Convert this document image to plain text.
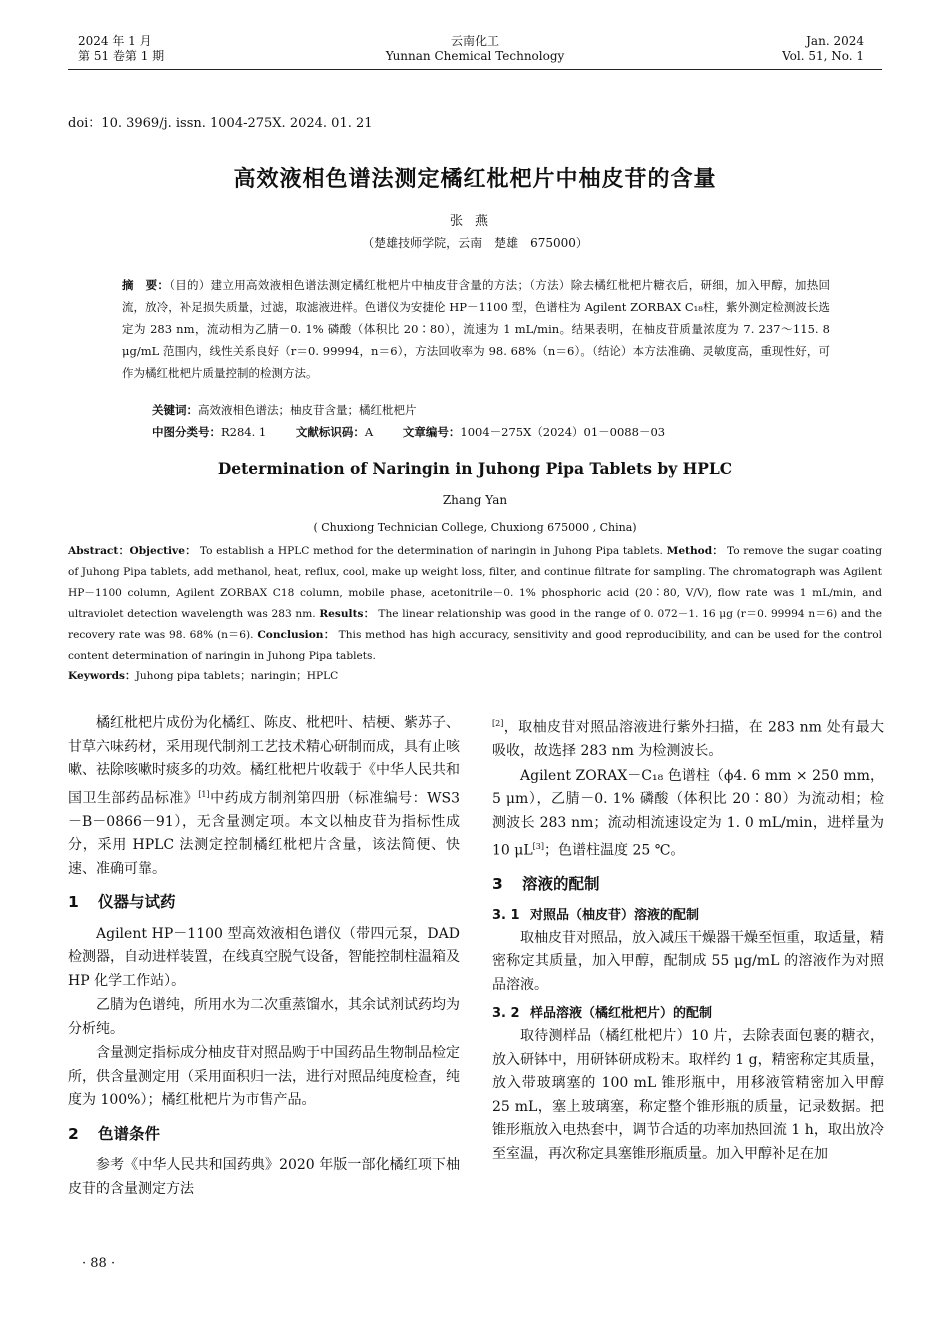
2024 年 1 月
第 51 卷第 1 期
云南化工
Yunnan Chemical Technology
Jan. 2024
Vol. 51, No. 1
doi：10. 3969/j. issn. 1004-275X. 2024. 01. 21
高效液相色谱法测定橘红枇杷片中柚皮苷的含量
张燕
（楚雄技师学院，云南　楚雄　675000）
摘　要：（目的）建立用高效液相色谱法测定橘红枇杷片中柚皮苷含量的方法；（方法）除去橘红枇杷片糖衣后，研细，加入甲醇，加热回流，放冷，补足损失质量，过滤，取滤液进样。色谱仪为安捷伦 HP－1100 型，色谱柱为 Agilent ZORBAX C₁₈柱，紫外测定检测波长选定为 283 nm，流动相为乙腈－0. 1% 磷酸（体积比 20∶80），流速为 1 mL/min。结果表明，在柚皮苷质量浓度为 7. 237～115. 8 μg/mL 范围内，线性关系良好（r＝0. 99994，n＝6），方法回收率为 98. 68%（n＝6）。（结论）本方法准确、灵敏度高，重现性好，可作为橘红枇杷片质量控制的检测方法。
关键词：高效液相色谱法；柚皮苷含量；橘红枇杷片
中图分类号：R284. 1	文献标识码：A	文章编号：1004－275X（2024）01－0088－03
Determination of Naringin in Juhong Pipa Tablets by HPLC
Zhang Yan
( Chuxiong Technician College, Chuxiong 675000 , China)
Abstract：Objective： To establish a HPLC method for the determination of naringin in Juhong Pipa tablets. Method： To remove the sugar coating of Juhong Pipa tablets, add methanol, heat, reflux, cool, make up weight loss, filter, and continue filtrate for sampling. The chromatograph was Agilent HP－1100 column, Agilent ZORBAX C18 column, mobile phase, acetonitrile－0. 1% phosphoric acid (20∶80, V/V), flow rate was 1 mL/min, and ultraviolet detection wavelength was 283 nm. Results： The linear relationship was good in the range of 0. 072－1. 16 μg (r＝0. 99994 n＝6) and the recovery rate was 98. 68% (n＝6). Conclusion： This method has high accuracy, sensitivity and good reproducibility, and can be used for the control content determination of naringin in Juhong Pipa tablets.
Keywords：Juhong pipa tablets；naringin；HPLC

橘红枇杷片成份为化橘红、陈皮、枇杷叶、桔梗、紫苏子、甘草六味药材，采用现代制剂工艺技术精心研制而成，具有止咳嗽、祛除咳嗽时痰多的功效。橘红枇杷片收载于《中华人民共和国卫生部药品标准》[1]中药成方制剂第四册（标准编号：WS3－B－0866－91），无含量测定项。本文以柚皮苷为指标性成分，采用 HPLC 法测定控制橘红枇杷片含量，该法简便、快速、准确可靠。

1 仪器与试药

Agilent HP－1100 型高效液相色谱仪（带四元泵，DAD 检测器，自动进样装置，在线真空脱气设备，智能控制柱温箱及 HP 化学工作站）。

乙腈为色谱纯，所用水为二次重蒸馏水，其余试剂试药均为分析纯。

含量测定指标成分柚皮苷对照品购于中国药品生物制品检定所，供含量测定用（采用面积归一法，进行对照品纯度检查，纯度为 100%）；橘红枇杷片为市售产品。

2 色谱条件

参考《中华人民共和国药典》2020 年版一部化橘红项下柚皮苷的含量测定方法

[2]，取柚皮苷对照品溶液进行紫外扫描，在 283 nm 处有最大吸收，故选择 283 nm 为检测波长。

Agilent ZORAX－C₁₈ 色谱柱（ϕ4. 6 mm × 250 mm，5 μm），乙腈－0. 1% 磷酸（体积比 20∶80）为流动相；检测波长 283 nm；流动相流速设定为 1. 0 mL/min，进样量为 10 μL[3]；色谱柱温度 25 ℃。

3 溶液的配制
3. 1 对照品（柚皮苷）溶液的配制

取柚皮苷对照品，放入减压干燥器干燥至恒重，取适量，精密称定其质量，加入甲醇，配制成 55 μg/mL 的溶液作为对照品溶液。

3. 2 样品溶液（橘红枇杷片）的配制

取待测样品（橘红枇杷片）10 片，去除表面包裹的糖衣，放入研钵中，用研钵研成粉末。取样约 1 g，精密称定其质量，放入带玻璃塞的 100 mL 锥形瓶中，用移液管精密加入甲醇 25 mL，塞上玻璃塞，称定整个锥形瓶的质量，记录数据。把锥形瓶放入电热套中，调节合适的功率加热回流 1 h，取出放冷至室温，再次称定具塞锥形瓶质量。加入甲醇补足在加

· 88 ·
